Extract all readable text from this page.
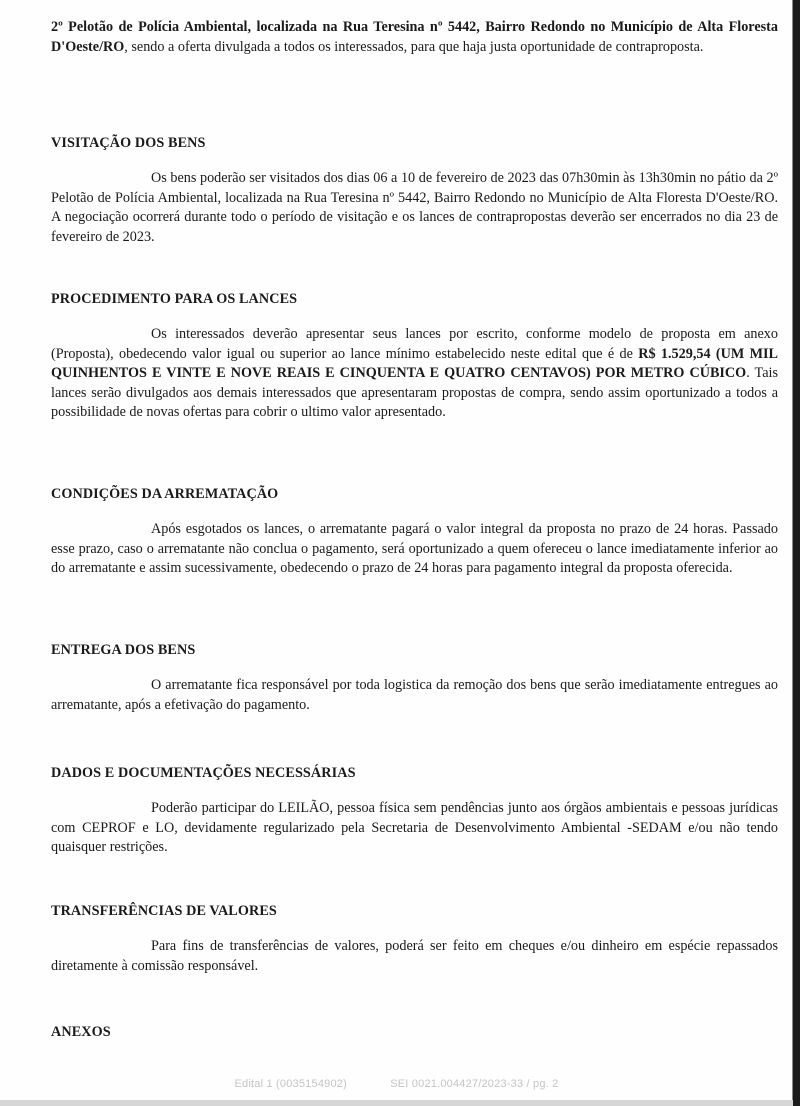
2º Pelotão de Polícia Ambiental, localizada na Rua Teresina nº 5442, Bairro Redondo no Município de Alta Floresta D'Oeste/RO, sendo a oferta divulgada a todos os interessados, para que haja justa oportunidade de contraproposta.

VISITAÇÃO DOS BENS

Os bens poderão ser visitados dos dias 06 a 10 de fevereiro de 2023 das 07h30min às 13h30min no pátio da 2º Pelotão de Polícia Ambiental, localizada na Rua Teresina nº 5442, Bairro Redondo no Município de Alta Floresta D'Oeste/RO. A negociação ocorrerá durante todo o período de visitação e os lances de contrapropostas deverão ser encerrados no dia 23 de fevereiro de 2023.

PROCEDIMENTO PARA OS LANCES

Os interessados deverão apresentar seus lances por escrito, conforme modelo de proposta em anexo (Proposta), obedecendo valor igual ou superior ao lance mínimo estabelecido neste edital que é de R$ 1.529,54 (UM MIL QUINHENTOS E VINTE E NOVE REAIS E CINQUENTA E QUATRO CENTAVOS) POR METRO CÚBICO. Tais lances serão divulgados aos demais interessados que apresentaram propostas de compra, sendo assim oportunizado a todos a possibilidade de novas ofertas para cobrir o ultimo valor apresentado.

CONDIÇÕES DA ARREMATAÇÃO

Após esgotados os lances, o arrematante pagará o valor integral da proposta no prazo de 24 horas. Passado esse prazo, caso o arrematante não conclua o pagamento, será oportunizado a quem ofereceu o lance imediatamente inferior ao do arrematante e assim sucessivamente, obedecendo o prazo de 24 horas para pagamento integral da proposta oferecida.

ENTREGA DOS BENS

O arrematante fica responsável por toda logistica da remoção dos bens que serão imediatamente entregues ao arrematante, após a efetivação do pagamento.

DADOS E DOCUMENTAÇÕES NECESSÁRIAS

Poderão participar do LEILÃO, pessoa física sem pendências junto aos órgãos ambientais e pessoas jurídicas com CEPROF e LO, devidamente regularizado pela Secretaria de Desenvolvimento Ambiental -SEDAM e/ou não tendo quaisquer restrições.

TRANSFERÊNCIAS DE VALORES

Para fins de transferências de valores, poderá ser feito em cheques e/ou dinheiro em espécie repassados diretamente à comissão responsável.

ANEXOS
Edital 1 (0035154902)	SEI 0021.004427/2023-33 / pg. 2
